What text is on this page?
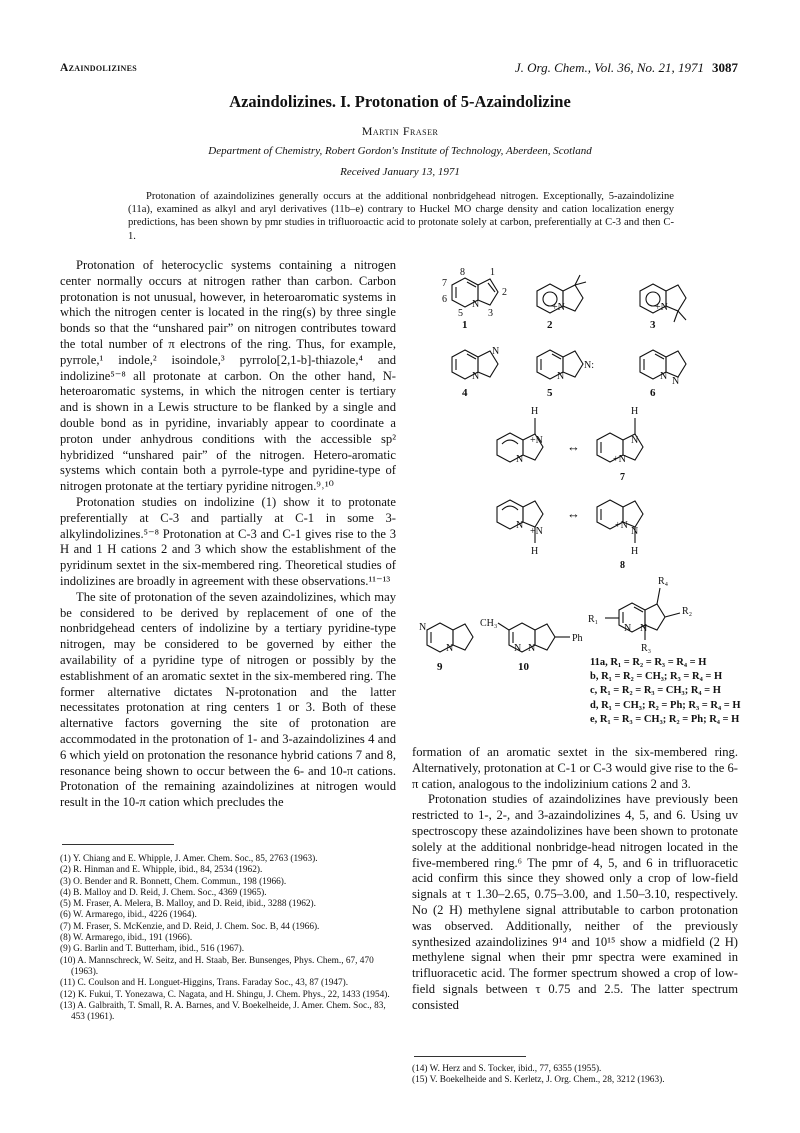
Azaindolizines	J. Org. Chem., Vol. 36, No. 21, 1971 3087
Azaindolizines. I. Protonation of 5-Azaindolizine
Martin Fraser
Department of Chemistry, Robert Gordon's Institute of Technology, Aberdeen, Scotland
Received January 13, 1971
Protonation of azaindolizines generally occurs at the additional nonbridgehead nitrogen. Exceptionally, 5-azaindolizine (11a), examined as alkyl and aryl derivatives (11b–e) contrary to Huckel MO charge density and cation localization energy predictions, has been shown by pmr studies in trifluoroactic acid to protonate solely at carbon, preferentially at C-3 and then C-1.

Protonation of heterocyclic systems containing a nitrogen center normally occurs at nitrogen rather than carbon. Carbon protonation is not unusual, however, in heteroaromatic systems in which the nitrogen center is located in the ring(s) by three single bonds so that the “unshared pair” on nitrogen contributes toward the total number of π electrons of the ring. Thus, for example, pyrrole,¹ indole,² isoindole,³ pyrrolo[2,1-b]-thiazole,⁴ and indolizine⁵⁻⁸ all protonate at carbon. On the other hand, N-heteroaromatic systems, in which the nitrogen center is tertiary and is shown in a Lewis structure to be flanked by a single and double bond as in pyridine, invariably appear to coordinate a proton under anhydrous conditions with the accessible sp² hybridized “unshared pair” of the nitrogen. Hetero-aromatic systems which contain both a pyrrole-type and pyridine-type of nitrogen protonate at the tertiary pyridine nitrogen.⁹˒¹⁰

Protonation studies on indolizine (1) show it to protonate preferentially at C-3 and partially at C-1 in some 3-alkylindolizines.⁵⁻⁸ Protonation at C-3 and C-1 gives rise to the 3 H and 1 H cations 2 and 3 which show the establishment of the pyridinum sextet in the six-membered ring. Theoretical studies of indolizines are broadly in agreement with these observations.¹¹⁻¹³

The site of protonation of the seven azaindolizines, which may be considered to be derived by replacement of one of the nonbridgehead centers of indolizine by a tertiary pyridine-type nitrogen, may be considered to be governed by either the availability of a pyridine type of nitrogen or possibly by the establishment of an aromatic sextet in the six-membered ring. The former alternative dictates N-protonation and the latter necessitates protonation at ring centers 1 or 3. Both of these alternative factors governing the site of protonation are accommodated in the protonation of 1- and 3-azaindolizines 4 and 6 which yield on protonation the resonance hybrid cations 7 and 8, resonance being shown to occur between the 6- and 10-π cations. Protonation of the remaining azaindolizines at nitrogen would result in the 10-π cation which precludes the

(1) Y. Chiang and E. Whipple, J. Amer. Chem. Soc., 85, 2763 (1963).

(2) R. Hinman and E. Whipple, ibid., 84, 2534 (1962).

(3) O. Bender and R. Bonnett, Chem. Commun., 198 (1966).

(4) B. Malloy and D. Reid, J. Chem. Soc., 4369 (1965).

(5) M. Fraser, A. Melera, B. Malloy, and D. Reid, ibid., 3288 (1962).

(6) W. Armarego, ibid., 4226 (1964).

(7) M. Fraser, S. McKenzie, and D. Reid, J. Chem. Soc. B, 44 (1966).

(8) W. Armarego, ibid., 191 (1966).

(9) G. Barlin and T. Butterham, ibid., 516 (1967).

(10) A. Mannschreck, W. Seitz, and H. Staab, Ber. Bunsenges, Phys. Chem., 67, 470 (1963).

(11) C. Coulson and H. Longuet-Higgins, Trans. Faraday Soc., 43, 87 (1947).

(12) K. Fukui, T. Yonezawa, C. Nagata, and H. Shingu, J. Chem. Phys., 22, 1433 (1954).

(13) A. Galbraith, T. Small, R. A. Barnes, and V. Boekelheide, J. Amer. Chem. Soc., 83, 453 (1961).

8
2
3
6
5
1
7
N	+N	+N
N
N
N:
N	N N
H	H
+N
N
N
+N
↔
7
N
+N
+N
N
H	H
↔
8
N
N
CH₃
N N
Ph
R₄
R₂
R₁
R₃
N N
1	2	3
4	5	6
9	10	11a, R₁ = R₂ = R₃ = R₄ = H
b, R₁ = R₂ = CH₃; R₃ = R₄ = H
c, R₁ = R₂ = R₃ = CH₃; R₄ = H
d, R₁ = CH₃; R₂ = Ph; R₃ = R₄ = H
e, R₁ = R₃ = CH₃; R₂ = Ph; R₄ = H

formation of an aromatic sextet in the six-membered ring. Alternatively, protonation at C-1 or C-3 would give rise to the 6-π cation, analogous to the indolizinium cations 2 and 3.

Protonation studies of azaindolizines have previously been restricted to 1-, 2-, and 3-azaindolizines 4, 5, and 6. Using uv spectroscopy these azaindolizines have been shown to protonate solely at the additional nonbridge-head nitrogen located in the five-membered ring.⁶ The pmr of 4, 5, and 6 in trifluoracetic acid confirm this since they showed only a crop of low-field signals at τ 1.30–2.65, 0.75–3.00, and 1.50–3.10, respectively. No (2 H) methylene signal attributable to carbon protonation was observed. Additionally, neither of the previously synthesized azaindolizines 9¹⁴ and 10¹⁵ show a midfield (2 H) methylene signal when their pmr spectra were examined in trifluoracetic acid. The former spectrum showed a crop of low-field signals between τ 0.75 and 2.5. The latter spectrum consisted

(14) W. Herz and S. Tocker, ibid., 77, 6355 (1955).

(15) V. Boekelheide and S. Kerletz, J. Org. Chem., 28, 3212 (1963).
